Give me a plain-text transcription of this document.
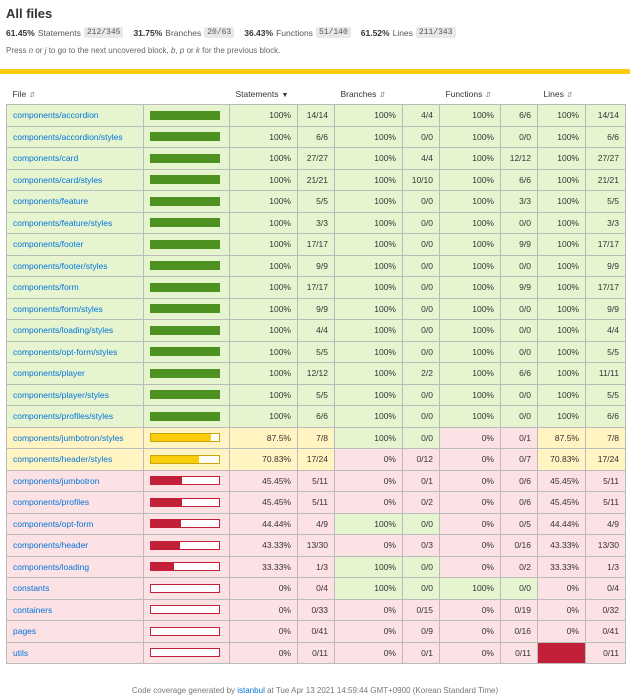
All files
61.45% Statements 212/345	31.75% Branches 20/63	36.43% Functions 51/140	61.52% Lines 211/343

Press n or j to go to the next uncovered block, b, p or k for the previous block.

File ⇵		Statements ▼		Branches ⇵		Functions ⇵		Lines ⇵	
components/accordion		100%	14/14	100%	4/4	100%	6/6	100%	14/14
components/accordion/styles		100%	6/6	100%	0/0	100%	0/0	100%	6/6
components/card		100%	27/27	100%	4/4	100%	12/12	100%	27/27
components/card/styles		100%	21/21	100%	10/10	100%	6/6	100%	21/21
components/feature		100%	5/5	100%	0/0	100%	3/3	100%	5/5
components/feature/styles		100%	3/3	100%	0/0	100%	0/0	100%	3/3
components/footer		100%	17/17	100%	0/0	100%	9/9	100%	17/17
components/footer/styles		100%	9/9	100%	0/0	100%	0/0	100%	9/9
components/form		100%	17/17	100%	0/0	100%	9/9	100%	17/17
components/form/styles		100%	9/9	100%	0/0	100%	0/0	100%	9/9
components/loading/styles		100%	4/4	100%	0/0	100%	0/0	100%	4/4
components/opt-form/styles		100%	5/5	100%	0/0	100%	0/0	100%	5/5
components/player		100%	12/12	100%	2/2	100%	6/6	100%	11/11
components/player/styles		100%	5/5	100%	0/0	100%	0/0	100%	5/5
components/profiles/styles		100%	6/6	100%	0/0	100%	0/0	100%	6/6
components/jumbotron/styles		87.5%	7/8	100%	0/0	0%	0/1	87.5%	7/8
components/header/styles		70.83%	17/24	0%	0/12	0%	0/7	70.83%	17/24
components/jumbotron		45.45%	5/11	0%	0/1	0%	0/6	45.45%	5/11
components/profiles		45.45%	5/11	0%	0/2	0%	0/6	45.45%	5/11
components/opt-form		44.44%	4/9	100%	0/0	0%	0/5	44.44%	4/9
components/header		43.33%	13/30	0%	0/3	0%	0/16	43.33%	13/30
components/loading		33.33%	1/3	100%	0/0	0%	0/2	33.33%	1/3
constants		0%	0/4	100%	0/0	100%	0/0	0%	0/4
containers		0%	0/33	0%	0/15	0%	0/19	0%	0/32
pages		0%	0/41	0%	0/9	0%	0/16	0%	0/41
utils		0%	0/11	0%	0/1	0%	0/11	0%	0/11
Code coverage generated by istanbul at Tue Apr 13 2021 14:59:44 GMT+0900 (Korean Standard Time)
